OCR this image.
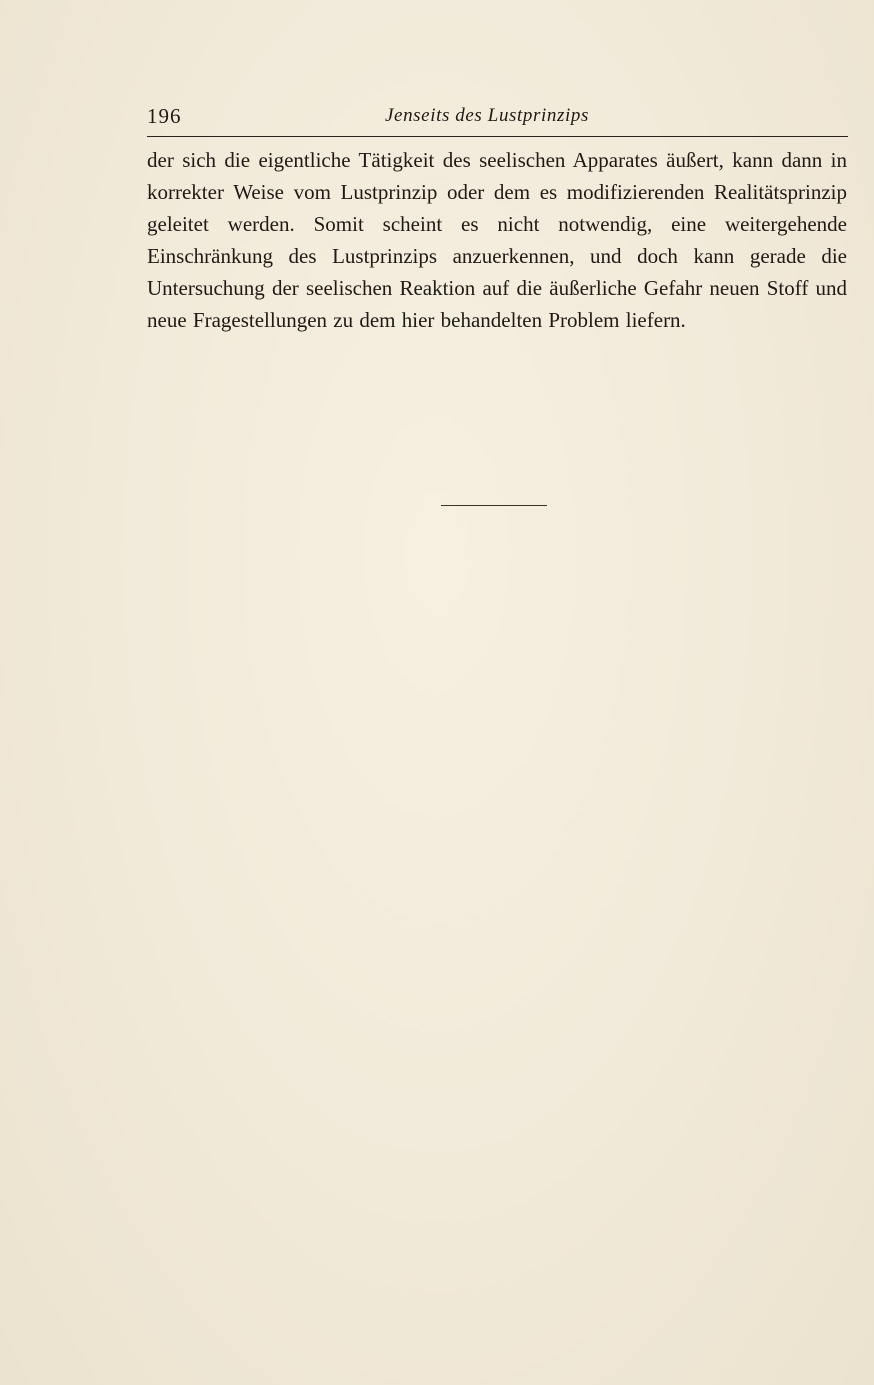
196	Jenseits des Lustprinzips

der sich die eigentliche Tätigkeit des seelischen Apparates äußert, kann dann in korrekter Weise vom Lustprinzip oder dem es modifizierenden Realitätsprinzip geleitet werden. Somit scheint es nicht notwendig, eine weitergehende Einschränkung des Lustprinzips anzuerkennen, und doch kann gerade die Untersuchung der seelischen Reaktion auf die äußerliche Gefahr neuen Stoff und neue Fragestellungen zu dem hier behandelten Problem liefern.
